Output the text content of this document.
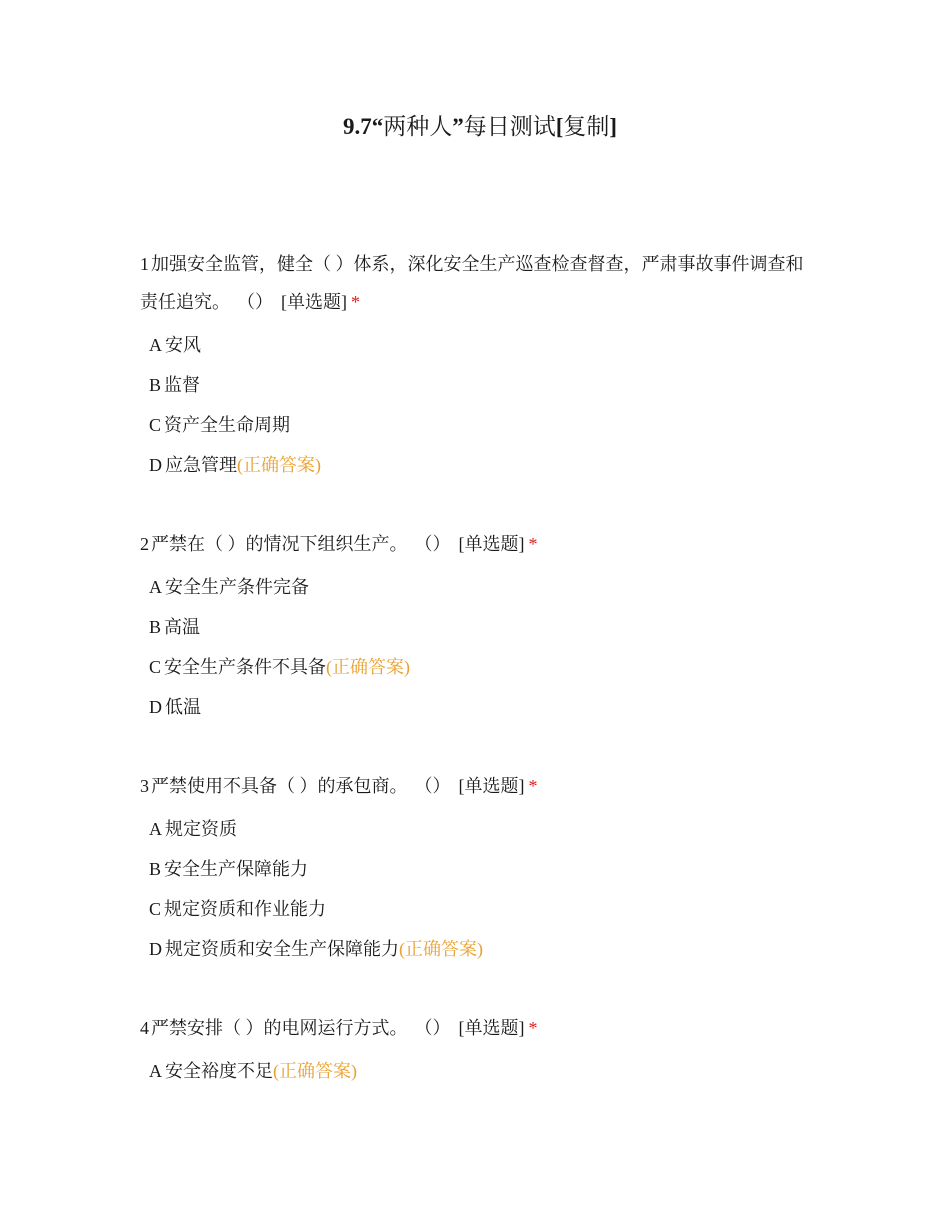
9.7“两种人”每日测试[复制]

1 加强安全监管，健全（ ）体系，深化安全生产巡查检查督查，严肃事故事件调查和责任追究。 （） [单选题] *

A 安风
B 监督
C 资产全生命周期
D 应急管理(正确答案)

2 严禁在（ ）的情况下组织生产。 （） [单选题] *

A 安全生产条件完备
B 高温
C 安全生产条件不具备(正确答案)
D 低温

3 严禁使用不具备（ ）的承包商。 （） [单选题] *

A 规定资质
B 安全生产保障能力
C 规定资质和作业能力
D 规定资质和安全生产保障能力(正确答案)

4 严禁安排（ ）的电网运行方式。 （） [单选题] *

A 安全裕度不足(正确答案)
